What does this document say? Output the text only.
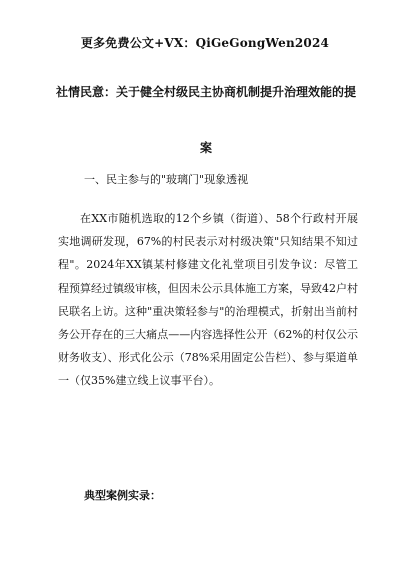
更多免费公文+VX：QiGeGongWen2024
社情民意：关于健全村级民主协商机制提升治理效能的提
案
一、民主参与的"玻璃门"现象透视

在XX市随机选取的12个乡镇（街道）、58个行政村开展实地调研发现，67%的村民表示对村级决策"只知结果不知过程"。2024年XX镇某村修建文化礼堂项目引发争议：尽管工程预算经过镇级审核，但因未公示具体施工方案，导致42户村民联名上访。这种"重决策轻参与"的治理模式，折射出当前村务公开存在的三大痛点——内容选择性公开（62%的村仅公示财务收支）、形式化公示（78%采用固定公告栏）、参与渠道单一（仅35%建立线上议事平台）。

典型案例实录：
